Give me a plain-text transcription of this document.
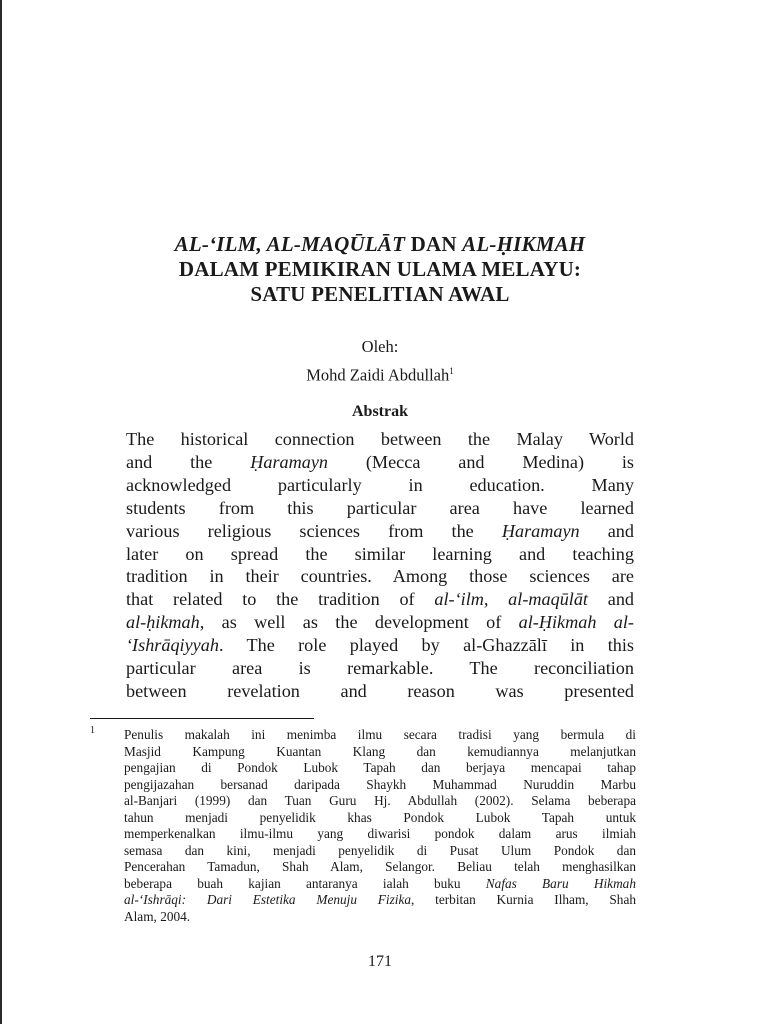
AL-‘ILM, AL-MAQŪLĀT DAN AL-ḤIKMAH
DALAM PEMIKIRAN ULAMA MELAYU:
SATU PENELITIAN AWAL
Oleh:
Mohd Zaidi Abdullah$^1$
Abstrak
The historical connection between the Malay World
and the Ḥaramayn (Mecca and Medina) is
acknowledged particularly in education. Many
students from this particular area have learned
various religious sciences from the Ḥaramayn and
later on spread the similar learning and teaching
tradition in their countries. Among those sciences are
that related to the tradition of al-‘ilm, al-maqūlāt and
al-ḥikmah, as well as the development of al-Ḥikmah al-
‘Ishrāqiyyah. The role played by al-Ghazzālī in this
particular area is remarkable. The reconciliation
between revelation and reason was presented
1 Penulis makalah ini menimba ilmu secara tradisi yang bermula di
Masjid Kampung Kuantan Klang dan kemudiannya melanjutkan
pengajian di Pondok Lubok Tapah dan berjaya mencapai tahap
pengijazahan bersanad daripada Shaykh Muhammad Nuruddin Marbu
al-Banjari (1999) dan Tuan Guru Hj. Abdullah (2002). Selama beberapa
tahun menjadi penyelidik khas Pondok Lubok Tapah untuk
memperkenalkan ilmu-ilmu yang diwarisi pondok dalam arus ilmiah
semasa dan kini, menjadi penyelidik di Pusat Ulum Pondok dan
Pencerahan Tamadun, Shah Alam, Selangor. Beliau telah menghasilkan
beberapa buah kajian antaranya ialah buku Nafas Baru Hikmah
al-‘Ishrāqi: Dari Estetika Menuju Fizika, terbitan Kurnia Ilham, Shah
Alam, 2004.
171
